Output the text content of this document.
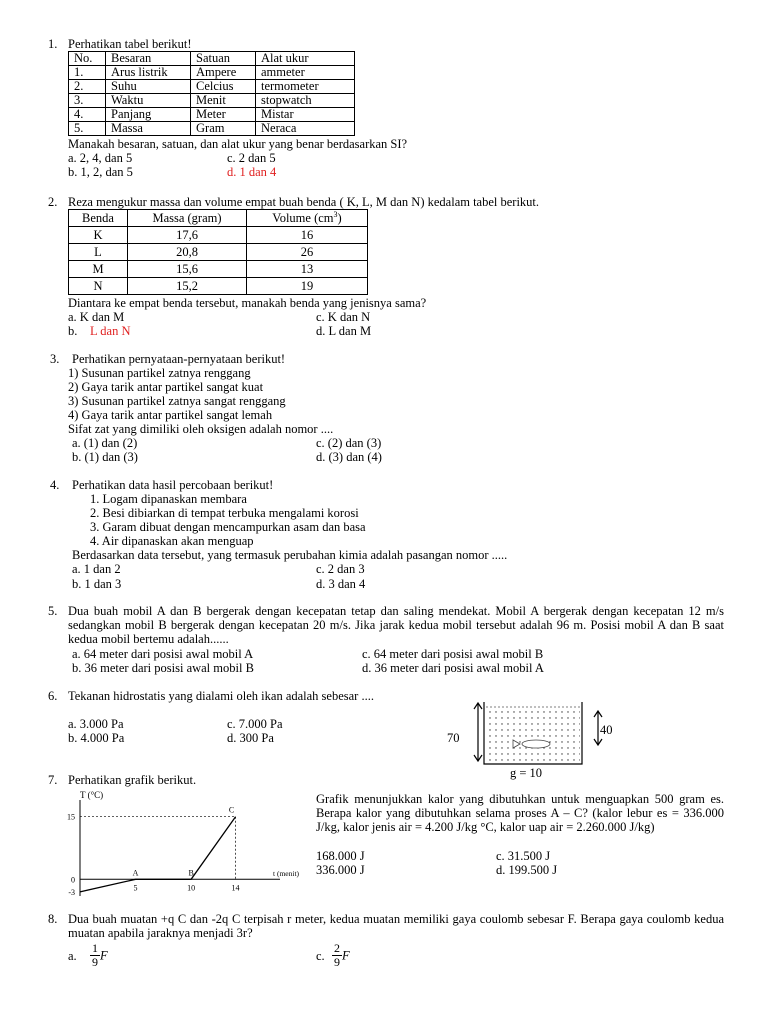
1. Perhatikan tabel berikut!
No.	Besaran	Satuan	Alat ukur
1.	Arus listrik	Ampere	ammeter
2.	Suhu	Celcius	termometer
3.	Waktu	Menit	stopwatch
4.	Panjang	Meter	Mistar
5.	Massa	Gram	Neraca
Manakah besaran, satuan, dan alat ukur yang benar berdasarkan SI?
a. 2, 4, dan 5
b. 1, 2, dan 5
c. 2 dan 5
d. 1 dan 4
2. Reza mengukur massa dan volume empat buah benda ( K, L, M dan N) kedalam tabel berikut.
Benda	Massa (gram)	Volume $(cm^3)$
K	17,6	16
L	20,8	26
M	15,6	13
N	15,2	19
Diantara ke empat benda tersebut, manakah benda yang jenisnya sama?
a. K dan M
b. L dan N
c. K dan N
d. L dan M
3. Perhatikan pernyataan-pernyataan berikut!
1) Susunan partikel zatnya renggang
2) Gaya tarik antar partikel sangat kuat
3) Susunan partikel zatnya sangat renggang
4) Gaya tarik antar partikel sangat lemah
Sifat zat yang dimiliki oleh oksigen adalah nomor ....
a. (1) dan (2)
b. (1) dan (3)
c. (2) dan (3)
d. (3) dan (4)
4. Perhatikan data hasil percobaan berikut!
1. Logam dipanaskan membara
2. Besi dibiarkan di tempat terbuka mengalami korosi
3. Garam dibuat dengan mencampurkan asam dan basa
4. Air dipanaskan akan menguap
Berdasarkan data tersebut, yang termasuk perubahan kimia adalah pasangan nomor .....
a. 1 dan 2
b. 1 dan 3
c. 2 dan 3
d. 3 dan 4
5. Dua buah mobil A dan B bergerak dengan kecepatan tetap dan saling mendekat. Mobil A bergerak dengan kecepatan 12 m/s sedangkan mobil B bergerak dengan kecepatan 20 m/s. Jika jarak kedua mobil tersebut adalah 96 m. Posisi mobil A dan B saat kedua mobil bertemu adalah......
a. 64 meter dari posisi awal mobil A
b. 36 meter dari posisi awal mobil B
c. 64 meter dari posisi awal mobil B
d. 36 meter dari posisi awal mobil A
6. Tekanan hidrostatis yang dialami oleh ikan adalah sebesar ....
a. 3.000 Pa
b. 4.000 Pa
c. 7.000 Pa
d. 300 Pa	70
40
g = 10
7. Perhatikan grafik berikut.
T (°C)
t (menit)
5	10	14
15
0
-3
A	B
C
Grafik menunjukkan kalor yang dibutuhkan untuk menguapkan 500 gram es. Berapa kalor yang dibutuhkan selama proses A – C? (kalor lebur es = 336.000 J/kg, kalor jenis air = 4.200 J/kg °C, kalor uap air = 2.260.000 J/kg)
168.000 J
336.000 J
c. 31.500 J
d. 199.500 J
8. Dua buah muatan +q C dan -2q C terpisah r meter, kedua muatan memiliki gaya coulomb sebesar F. Berapa gaya coulomb kedua muatan apabila jaraknya menjadi 3r?
a. $\frac{1}{9}$ F	c. $\frac{2}{9}$ F
